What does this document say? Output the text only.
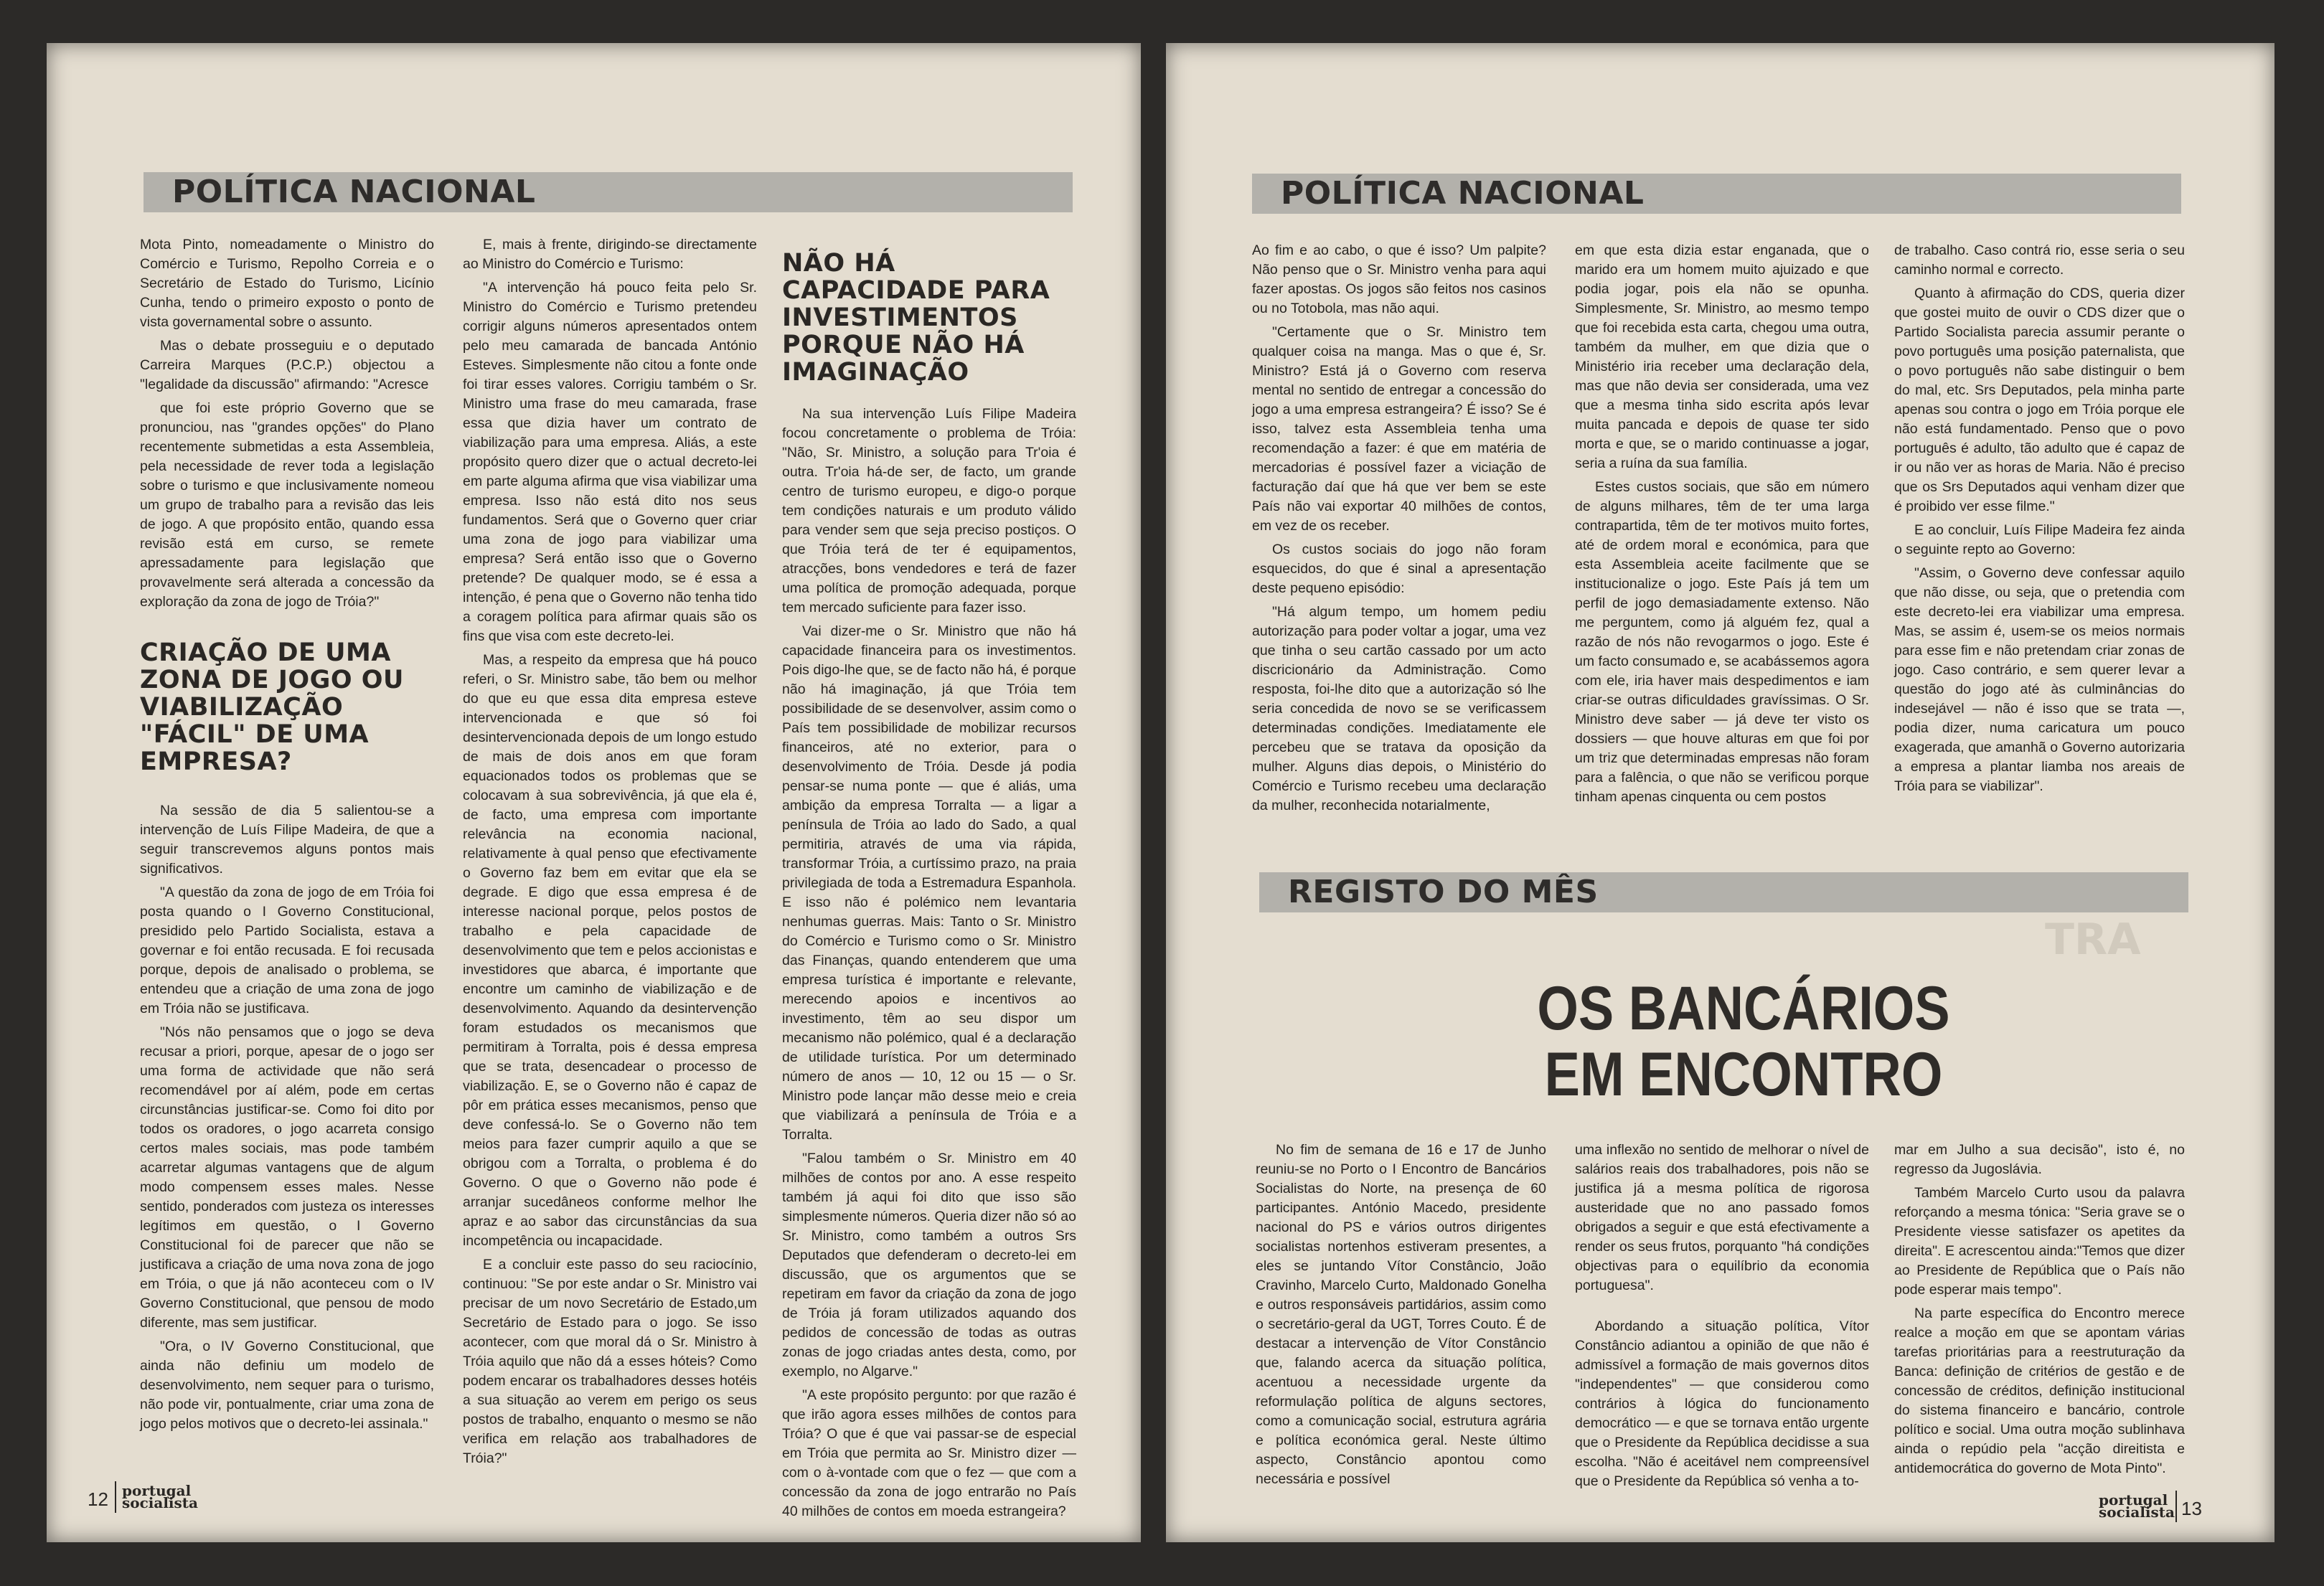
POLÍTICA NACIONAL

Mota Pinto, nomeadamente o Ministro do Comércio e Turismo, Repolho Correia e o Secretário de Estado do Turismo, Licínio Cunha, tendo o primeiro exposto o ponto de vista governamental sobre o assunto.

Mas o debate prosseguiu e o deputado Carreira Marques (P.C.P.) objectou a "legalidade da discussão" afirmando: "Acresce

que foi este próprio Governo que se pronunciou, nas "grandes opções" do Plano recentemente submetidas a esta Assembleia, pela necessidade de rever toda a legislação sobre o turismo e que inclusivamente nomeou um grupo de trabalho para a revisão das leis de jogo. A que propósito então, quando essa revisão está em curso, se remete apressadamente para legislação que provavelmente será alterada a concessão da exploração da zona de jogo de Tróia?"

CRIAÇÃO DE UMA ZONA DE JOGO OU VIABILIZAÇÃO "FÁCIL" DE UMA EMPRESA?

Na sessão de dia 5 salientou-se a intervenção de Luís Filipe Madeira, de que a seguir transcrevemos alguns pontos mais significativos.

"A questão da zona de jogo de em Tróia foi posta quando o I Governo Constitucional, presidido pelo Partido Socialista, estava a governar e foi então recusada. E foi recusada porque, depois de analisado o problema, se entendeu que a criação de uma zona de jogo em Tróia não se justificava.

"Nós não pensamos que o jogo se deva recusar a priori, porque, apesar de o jogo ser uma forma de actividade que não será recomendável por aí além, pode em certas circunstâncias justificar-se. Como foi dito por todos os oradores, o jogo acarreta consigo certos males sociais, mas pode também acarretar algumas vantagens que de algum modo compensem esses males. Nesse sentido, ponderados com justeza os interesses legítimos em questão, o I Governo Constitucional foi de parecer que não se justificava a criação de uma nova zona de jogo em Tróia, o que já não aconteceu com o IV Governo Constitucional, que pensou de modo diferente, mas sem justificar.

"Ora, o IV Governo Constitucional, que ainda não definiu um modelo de desenvolvimento, nem sequer para o turismo, não pode vir, pontualmente, criar uma zona de jogo pelos motivos que o decreto-lei assinala."

E, mais à frente, dirigindo-se directamente ao Ministro do Comércio e Turismo:

"A intervenção há pouco feita pelo Sr. Ministro do Comércio e Turismo pretendeu corrigir alguns números apresentados ontem pelo meu camarada de bancada António Esteves. Simplesmente não citou a fonte onde foi tirar esses valores. Corrigiu também o Sr. Ministro uma frase do meu camarada, frase essa que dizia haver um contrato de viabilização para uma empresa. Aliás, a este propósito quero dizer que o actual decreto-lei em parte alguma afirma que visa viabilizar uma empresa. Isso não está dito nos seus fundamentos. Será que o Governo quer criar uma zona de jogo para viabilizar uma empresa? Será então isso que o Governo pretende? De qualquer modo, se é essa a intenção, é pena que o Governo não tenha tido a coragem política para afirmar quais são os fins que visa com este decreto-lei.

Mas, a respeito da empresa que há pouco referi, o Sr. Ministro sabe, tão bem ou melhor do que eu que essa dita empresa esteve intervencionada e que só foi desintervencionada depois de um longo estudo de mais de dois anos em que foram equacionados todos os problemas que se colocavam à sua sobrevivência, já que ela é, de facto, uma empresa com importante relevância na economia nacional, relativamente à qual penso que efectivamente o Governo faz bem em evitar que ela se degrade. E digo que essa empresa é de interesse nacional porque, pelos postos de trabalho e pela capacidade de desenvolvimento que tem e pelos accionistas e investidores que abarca, é importante que encontre um caminho de viabilização e de desenvolvimento. Aquando da desintervenção foram estudados os mecanismos que permitiram à Torralta, pois é dessa empresa que se trata, desencadear o processo de viabilização. E, se o Governo não é capaz de pôr em prática esses mecanismos, penso que deve confessá-lo. Se o Governo não tem meios para fazer cumprir aquilo a que se obrigou com a Torralta, o problema é do Governo. O que o Governo não pode é arranjar sucedâneos conforme melhor lhe apraz e ao sabor das circunstâncias da sua incompetência ou incapacidade.

E a concluir este passo do seu raciocínio, continuou: "Se por este andar o Sr. Ministro vai precisar de um novo Secretário de Estado,um Secretário de Estado para o jogo. Se isso acontecer, com que moral dá o Sr. Ministro à Tróia aquilo que não dá a esses hóteis? Como podem encarar os trabalhadores desses hotéis a sua situação ao verem em perigo os seus postos de trabalho, enquanto o mesmo se não verifica em relação aos trabalhadores de Tróia?"

NÃO HÁ CAPACIDADE PARA INVESTIMENTOS PORQUE NÃO HÁ IMAGINAÇÃO

Na sua intervenção Luís Filipe Madeira focou concretamente o problema de Tróia: "Não, Sr. Ministro, a solução para Tr'oia é outra. Tr'oia há-de ser, de facto, um grande centro de turismo europeu, e digo-o porque tem condições naturais e um produto válido para vender sem que seja preciso postiços. O que Tróia terá de ter é equipamentos, atracções, bons vendedores e terá de fazer uma política de promoção adequada, porque tem mercado suficiente para fazer isso.

Vai dizer-me o Sr. Ministro que não há capacidade financeira para os investimentos. Pois digo-lhe que, se de facto não há, é porque não há imaginação, já que Tróia tem possibilidade de se desenvolver, assim como o País tem possibilidade de mobilizar recursos financeiros, até no exterior, para o desenvolvimento de Tróia. Desde já podia pensar-se numa ponte — que é aliás, uma ambição da empresa Torralta — a ligar a península de Tróia ao lado do Sado, a qual permitiria, através de uma via rápida, transformar Tróia, a curtíssimo prazo, na praia privilegiada de toda a Estremadura Espanhola. E isso não é polémico nem levantaria nenhumas guerras. Mais: Tanto o Sr. Ministro do Comércio e Turismo como o Sr. Ministro das Finanças, quando entenderem que uma empresa turística é importante e relevante, merecendo apoios e incentivos ao investimento, têm ao seu dispor um mecanismo não polémico, qual é a declaração de utilidade turística. Por um determinado número de anos — 10, 12 ou 15 — o Sr. Ministro pode lançar mão desse meio e creia que viabilizará a península de Tróia e a Torralta.

"Falou também o Sr. Ministro em 40 milhões de contos por ano. A esse respeito também já aqui foi dito que isso são simplesmente números. Queria dizer não só ao Sr. Ministro, como também a outros Srs Deputados que defenderam o decreto-lei em discussão, que os argumentos que se repetiram em favor da criação da zona de jogo de Tróia já foram utilizados aquando dos pedidos de concessão de todas as outras zonas de jogo criadas antes desta, como, por exemplo, no Algarve."

"A este propósito pergunto: por que razão é que irão agora esses milhões de contos para Tróia? O que é que vai passar-se de especial em Tróia que permita ao Sr. Ministro dizer — com o à-vontade com que o fez — que com a concessão da zona de jogo entrarão no País 40 milhões de contos em moeda estrangeira?

12 portugal
socialista
POLÍTICA NACIONAL

Ao fim e ao cabo, o que é isso? Um palpite? Não penso que o Sr. Ministro venha para aqui fazer apostas. Os jogos são feitos nos casinos ou no Totobola, mas não aqui.

"Certamente que o Sr. Ministro tem qualquer coisa na manga. Mas o que é, Sr. Ministro? Está já o Governo com reserva mental no sentido de entregar a concessão do jogo a uma empresa estrangeira? É isso? Se é isso, talvez esta Assembleia tenha uma recomendação a fazer: é que em matéria de mercadorias é possível fazer a viciação de facturação daí que há que ver bem se este País não vai exportar 40 milhões de contos, em vez de os receber.

Os custos sociais do jogo não foram esquecidos, do que é sinal a apresentação deste pequeno episódio:

"Há algum tempo, um homem pediu autorização para poder voltar a jogar, uma vez que tinha o seu cartão cassado por um acto discricionário da Administração. Como resposta, foi-lhe dito que a autorização só lhe seria concedida de novo se se verificassem determinadas condições. Imediatamente ele percebeu que se tratava da oposição da mulher. Alguns dias depois, o Ministério do Comércio e Turismo recebeu uma declaração da mulher, reconhecida notarialmente,

em que esta dizia estar enganada, que o marido era um homem muito ajuizado e que podia jogar, pois ela não se opunha. Simplesmente, Sr. Ministro, ao mesmo tempo que foi recebida esta carta, chegou uma outra, também da mulher, em que dizia que o Ministério iria receber uma declaração dela, mas que não devia ser considerada, uma vez que a mesma tinha sido escrita após levar muita pancada e depois de quase ter sido morta e que, se o marido continuasse a jogar, seria a ruína da sua família.

Estes custos sociais, que são em número de alguns milhares, têm de ter uma larga contrapartida, têm de ter motivos muito fortes, até de ordem moral e económica, para que esta Assembleia aceite facilmente que se institucionalize o jogo. Este País já tem um perfil de jogo demasiadamente extenso. Não me perguntem, como já alguém fez, qual a razão de nós não revogarmos o jogo. Este é um facto consumado e, se acabássemos agora com ele, iria haver mais despedimentos e iam criar-se outras dificuldades gravíssimas. O Sr. Ministro deve saber — já deve ter visto os dossiers — que houve alturas em que foi por um triz que determinadas empresas não foram para a falência, o que não se verificou porque tinham apenas cinquenta ou cem postos

de trabalho. Caso contrá rio, esse seria o seu caminho normal e correcto.

Quanto à afirmação do CDS, queria dizer que gostei muito de ouvir o CDS dizer que o Partido Socialista parecia assumir perante o povo português uma posição paternalista, que o povo português não sabe distinguir o bem do mal, etc. Srs Deputados, pela minha parte apenas sou contra o jogo em Tróia porque ele não está fundamentado. Penso que o povo português é adulto, tão adulto que é capaz de ir ou não ver as horas de Maria. Não é preciso que os Srs Deputados aqui venham dizer que é proibido ver esse filme."

E ao concluir, Luís Filipe Madeira fez ainda o seguinte repto ao Governo:

"Assim, o Governo deve confessar aquilo que não disse, ou seja, que o pretendia com este decreto-lei era viabilizar uma empresa. Mas, se assim é, usem-se os meios normais para esse fim e não pretendam criar zonas de jogo. Caso contrário, e sem querer levar a questão do jogo até às culminâncias do indesejável — não é isso que se trata —, podia dizer, numa caricatura um pouco exagerada, que amanhã o Governo autorizaria a empresa a plantar liamba nos areais de Tróia para se viabilizar".

TRA
REGISTO DO MÊS
OS BANCÁRIOS
EM ENCONTRO

No fim de semana de 16 e 17 de Junho reuniu-se no Porto o I Encontro de Bancários Socialistas do Norte, na presença de 60 participantes. António Macedo, presidente nacional do PS e vários outros dirigentes socialistas nortenhos estiveram presentes, a eles se juntando Vítor Constâncio, João Cravinho, Marcelo Curto, Maldonado Gonelha e outros responsáveis partidários, assim como o secretário-geral da UGT, Torres Couto. É de destacar a intervenção de Vítor Constâncio que, falando acerca da situação política, acentuou a necessidade urgente da reformulação política de alguns sectores, como a comunicação social, estrutura agrária e política económica geral. Neste último aspecto, Constâncio apontou como necessária e possível

uma inflexão no sentido de melhorar o nível de salários reais dos trabalhadores, pois não se justifica já a mesma política de rigorosa austeridade que no ano passado fomos obrigados a seguir e que está efectivamente a render os seus frutos, porquanto "há condições objectivas para o equilíbrio da economia portuguesa".

Abordando a situação política, Vítor Constâncio adiantou a opinião de que não é admissível a formação de mais governos ditos "independentes" — que considerou como contrários à lógica do funcionamento democrático — e que se tornava então urgente que o Presidente da República decidisse a sua escolha. "Não é aceitável nem compreensível que o Presidente da República só venha a to-

mar em Julho a sua decisão", isto é, no regresso da Jugoslávia.

Também Marcelo Curto usou da palavra reforçando a mesma tónica: "Seria grave se o Presidente viesse satisfazer os apetites da direita". E acrescentou ainda:"Temos que dizer ao Presidente de República que o País não pode esperar mais tempo".

Na parte específica do Encontro merece realce a moção em que se apontam várias tarefas prioritárias para a reestruturação da Banca: definição de critérios de gestão e de concessão de créditos, definição institucional do sistema financeiro e bancário, controle político e social. Uma outra moção sublinhava ainda o repúdio pela "acção direitista e antidemocrática do governo de Mota Pinto".

portugal
socialista 13
